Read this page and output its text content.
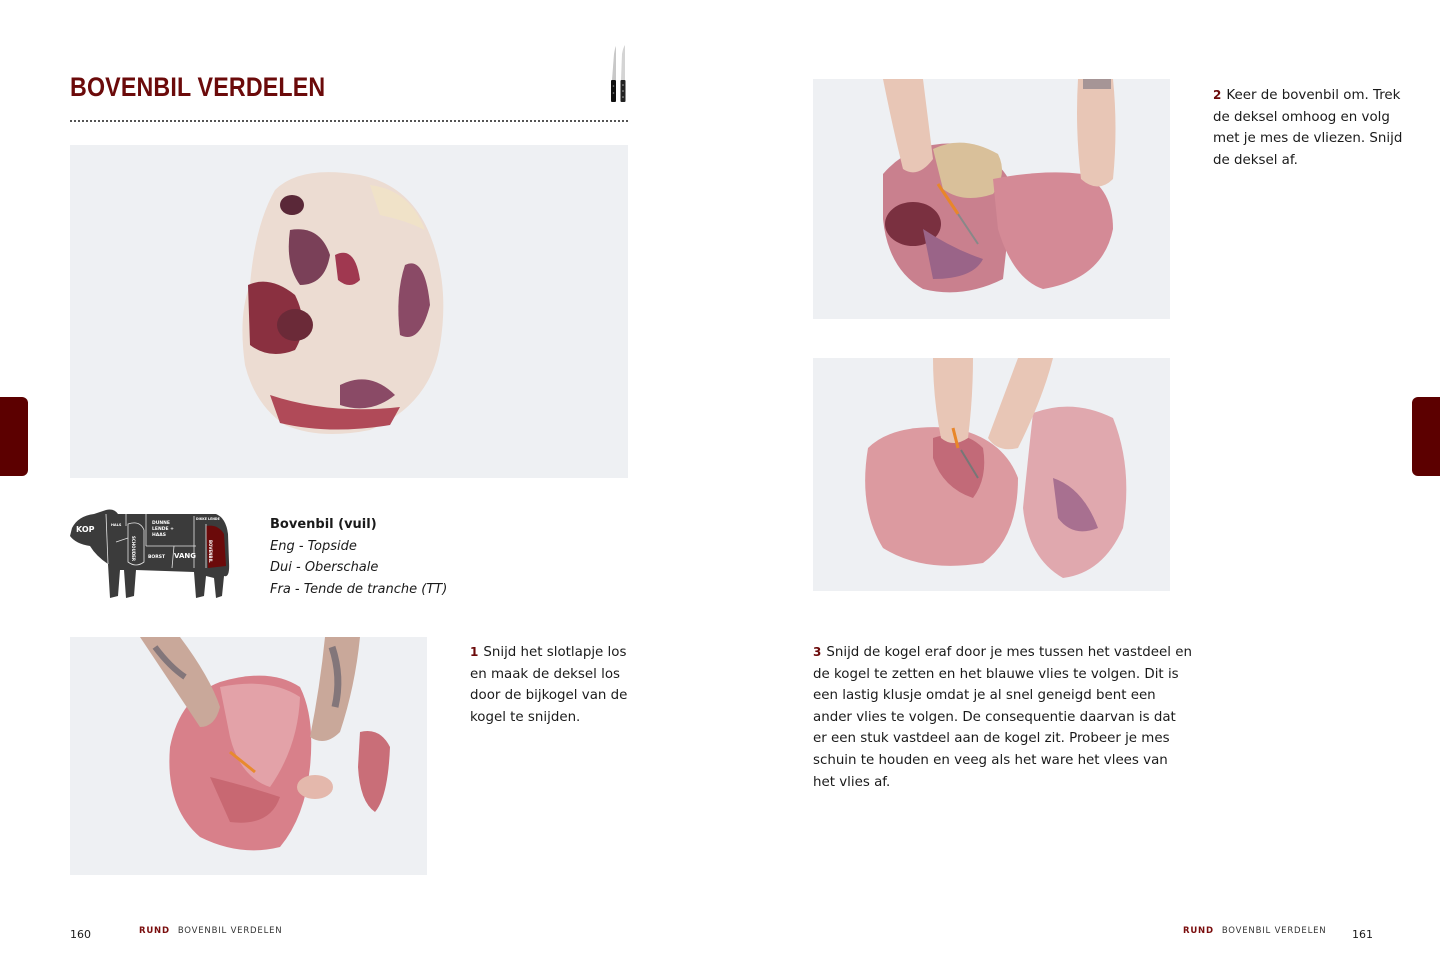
BOVENBIL VERDELEN
KOP	HALS	DUNNE
LENDE +
HAAS
BORST VANG
DIKKE LENDE
BOVENBIL
SCHOUDER
Bovenbil (vuil)
Eng - Topside
Dui - Oberschale
Fra - Tende de tranche (TT)
1 Snijd het slotlapje los en maak de deksel los door de bijkogel van de kogel te snijden.
160	RUND BOVENBIL VERDELEN
2 Keer de bovenbil om. Trek de deksel omhoog en volg met je mes de vliezen. Snijd de deksel af.
3 Snijd de kogel eraf door je mes tussen het vastdeel en de kogel te zetten en het blauwe vlies te volgen. Dit is een lastig klusje omdat je al snel geneigd bent een ander vlies te volgen. De consequentie daarvan is dat er een stuk vastdeel aan de kogel zit. Probeer je mes schuin te houden en veeg als het ware het vlees van het vlies af.
RUND BOVENBIL VERDELEN 161
